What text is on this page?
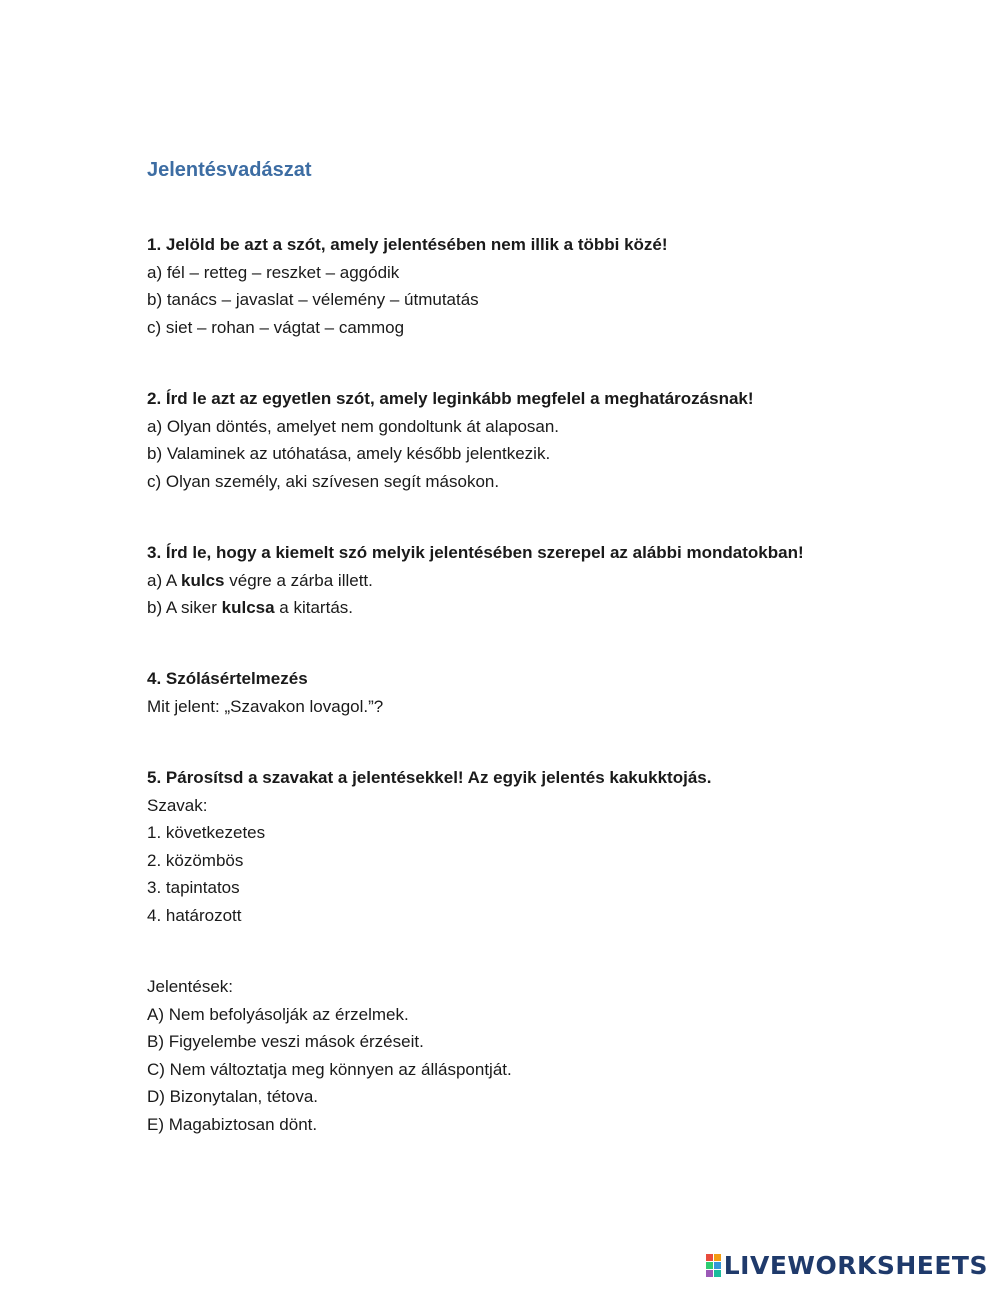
Jelentésvadászat
1. Jelöld be azt a szót, amely jelentésében nem illik a többi közé!
a) fél – retteg – reszket – aggódik
b) tanács – javaslat – vélemény – útmutatás
c) siet – rohan – vágtat – cammog
2. Írd le azt az egyetlen szót, amely leginkább megfelel a meghatározásnak!
a) Olyan döntés, amelyet nem gondoltunk át alaposan.
b) Valaminek az utóhatása, amely később jelentkezik.
c) Olyan személy, aki szívesen segít másokon.
3. Írd le, hogy a kiemelt szó melyik jelentésében szerepel az alábbi mondatokban!
a) A kulcs végre a zárba illett.
b) A siker kulcsa a kitartás.
4. Szólásértelmezés
Mit jelent: „Szavakon lovagol.”?
5. Párosítsd a szavakat a jelentésekkel! Az egyik jelentés kakukktojás.
Szavak:
1. következetes
2. közömbös
3. tapintatos
4. határozott
Jelentések:
A) Nem befolyásolják az érzelmek.
B) Figyelembe veszi mások érzéseit.
C) Nem változtatja meg könnyen az álláspontját.
D) Bizonytalan, tétova.
E) Magabiztosan dönt.
LIVEWORKSHEETS
